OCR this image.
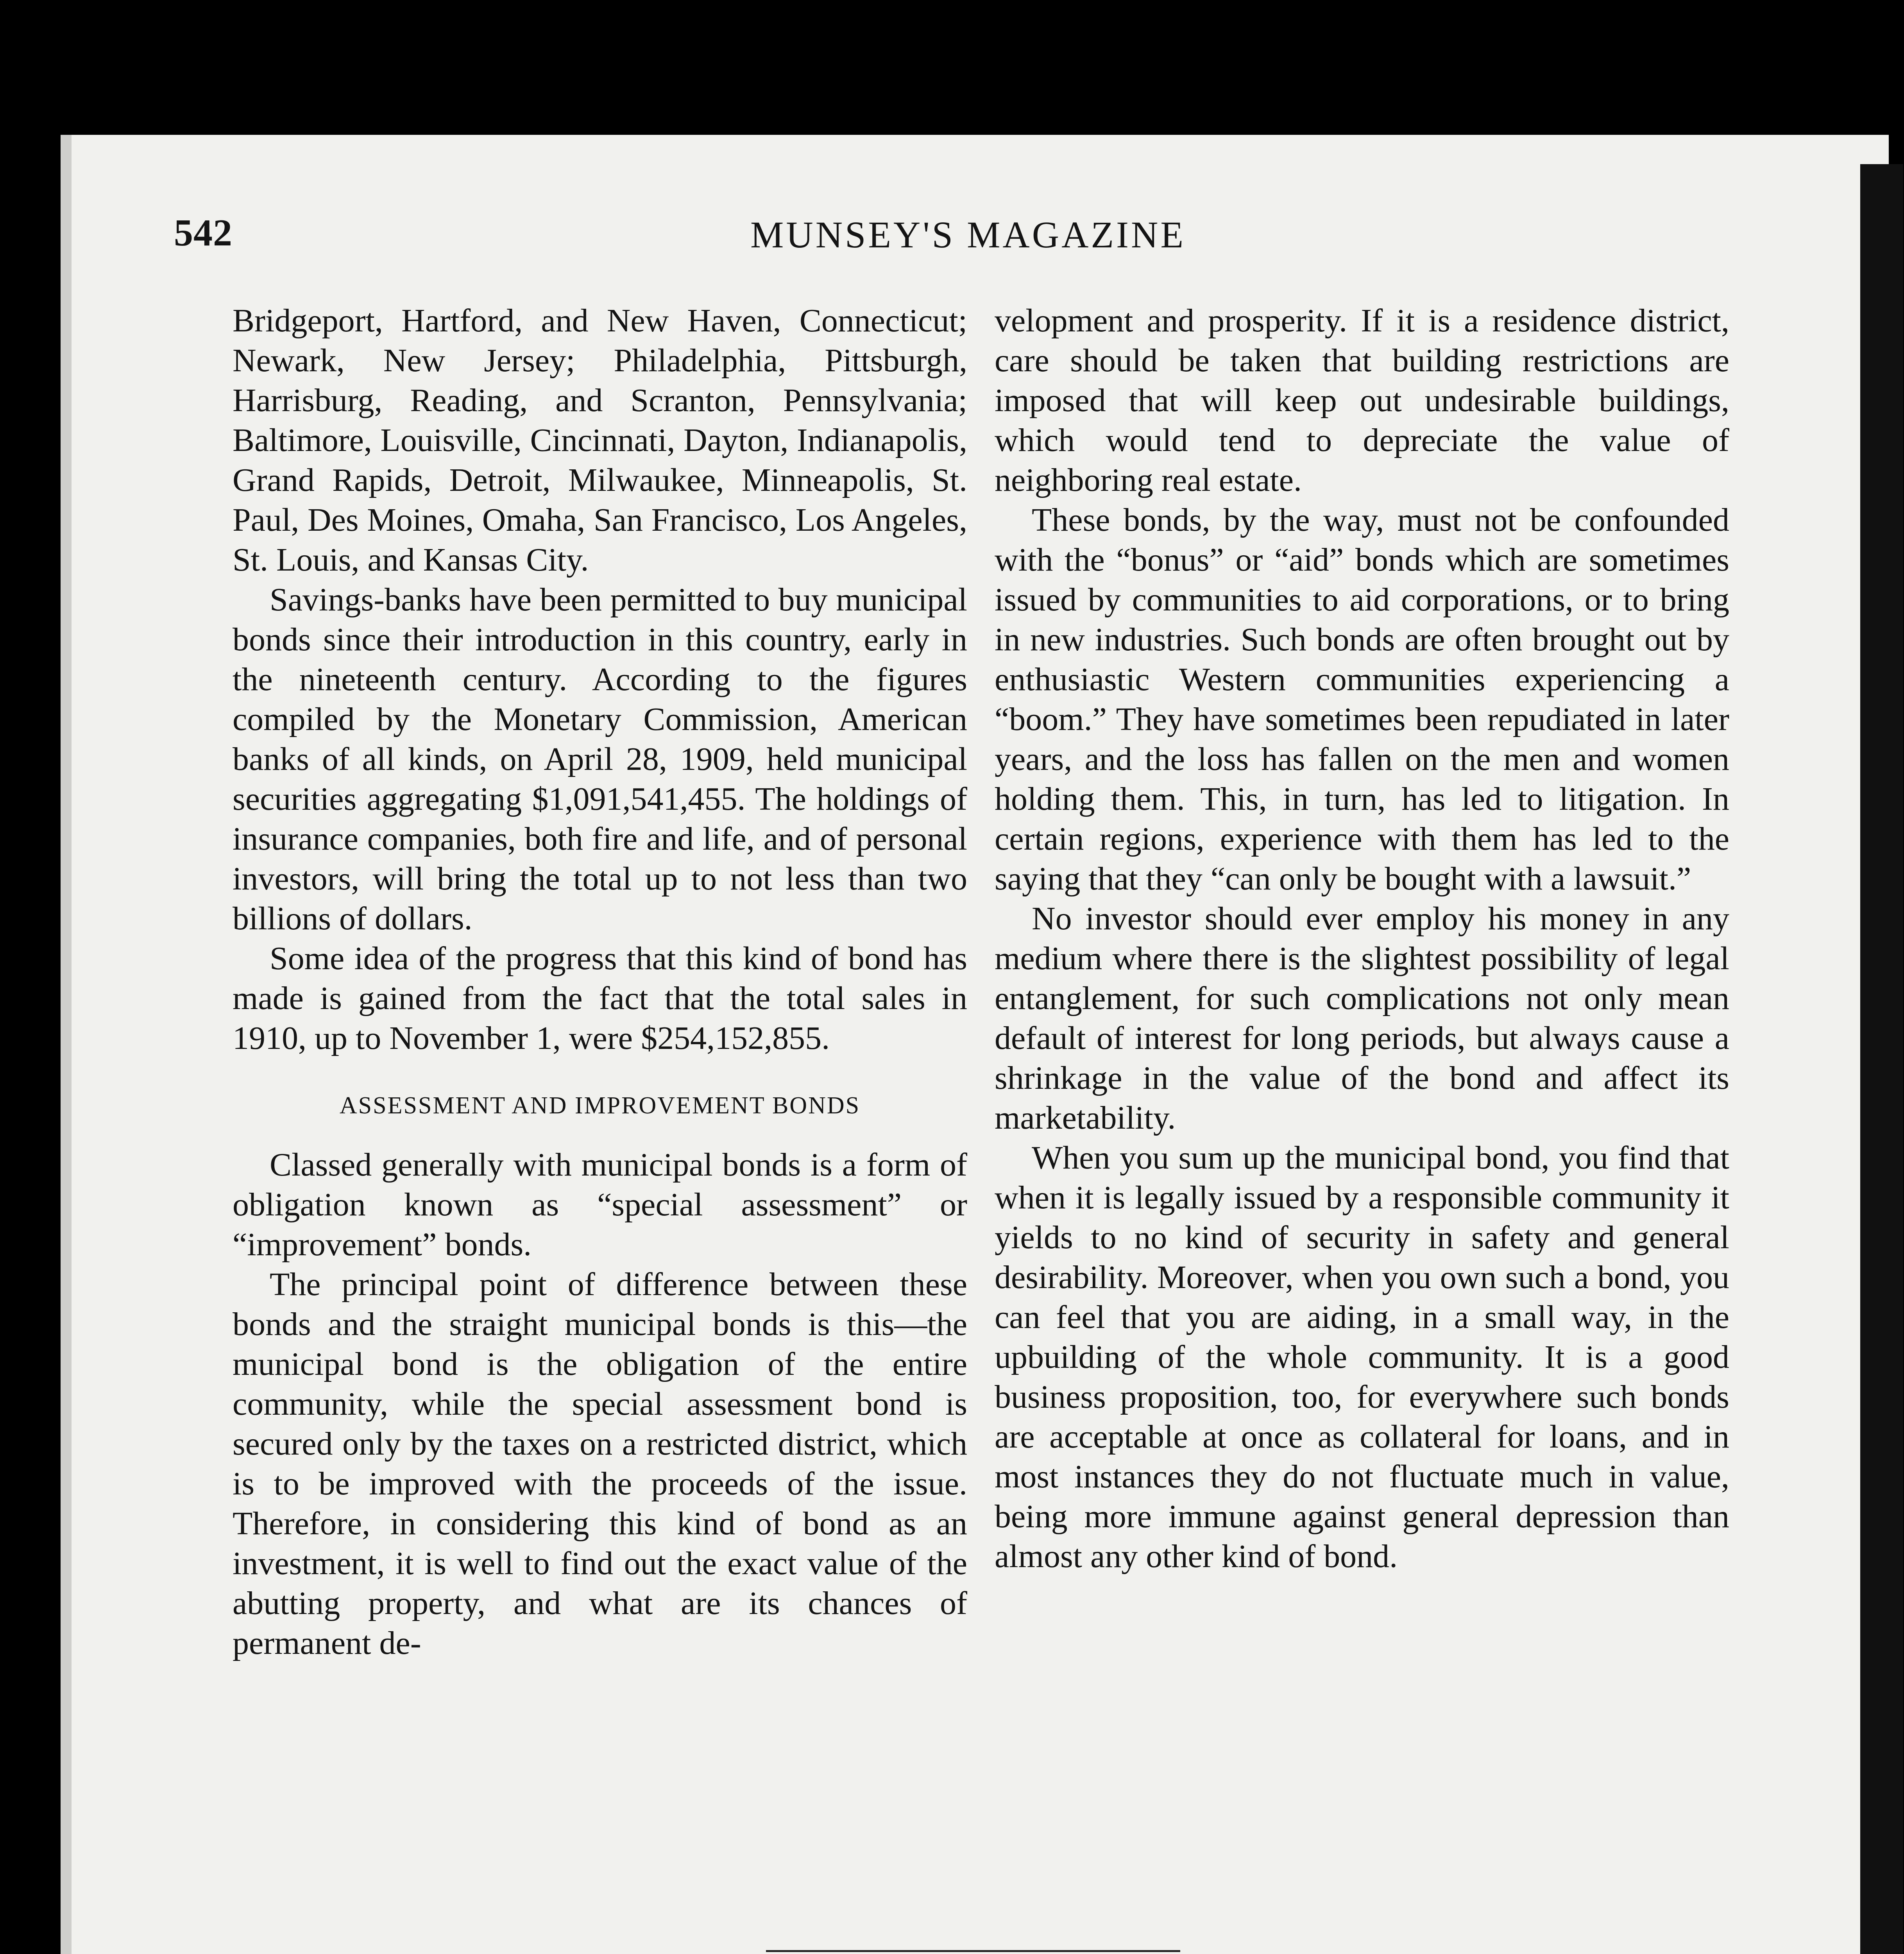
542	MUNSEY'S MAGAZINE

Bridgeport, Hartford, and New Haven, Connecticut; Newark, New Jersey; Philadelphia, Pittsburgh, Harrisburg, Reading, and Scranton, Pennsylvania; Baltimore, Louisville, Cincinnati, Dayton, Indianapolis, Grand Rapids, Detroit, Milwaukee, Minneapolis, St. Paul, Des Moines, Omaha, San Francisco, Los Angeles, St. Louis, and Kansas City.

Savings-banks have been permitted to buy municipal bonds since their introduction in this country, early in the nineteenth century. According to the figures compiled by the Monetary Commission, American banks of all kinds, on April 28, 1909, held municipal securities aggregating $1,091,541,455. The holdings of insurance companies, both fire and life, and of personal investors, will bring the total up to not less than two billions of dollars.

Some idea of the progress that this kind of bond has made is gained from the fact that the total sales in 1910, up to November 1, were $254,152,855.

ASSESSMENT AND IMPROVEMENT BONDS

Classed generally with municipal bonds is a form of obligation known as “special assessment” or “improvement” bonds.

The principal point of difference between these bonds and the straight municipal bonds is this—the municipal bond is the obligation of the entire community, while the special assessment bond is secured only by the taxes on a restricted district, which is to be improved with the proceeds of the issue. Therefore, in considering this kind of bond as an investment, it is well to find out the exact value of the abutting property, and what are its chances of permanent de-

velopment and prosperity. If it is a residence district, care should be taken that building restrictions are imposed that will keep out undesirable buildings, which would tend to depreciate the value of neighboring real estate.

These bonds, by the way, must not be confounded with the “bonus” or “aid” bonds which are sometimes issued by communities to aid corporations, or to bring in new industries. Such bonds are often brought out by enthusiastic Western communities experiencing a “boom.” They have sometimes been repudiated in later years, and the loss has fallen on the men and women holding them. This, in turn, has led to litigation. In certain regions, experience with them has led to the saying that they “can only be bought with a lawsuit.”

No investor should ever employ his money in any medium where there is the slightest possibility of legal entanglement, for such complications not only mean default of interest for long periods, but always cause a shrinkage in the value of the bond and affect its marketability.

When you sum up the municipal bond, you find that when it is legally issued by a responsible community it yields to no kind of security in safety and general desirability. Moreover, when you own such a bond, you can feel that you are aiding, in a small way, in the upbuilding of the whole community. It is a good business proposition, too, for everywhere such bonds are acceptable at once as collateral for loans, and in most instances they do not fluctuate much in value, being more immune against general depression than almost any other kind of bond.
